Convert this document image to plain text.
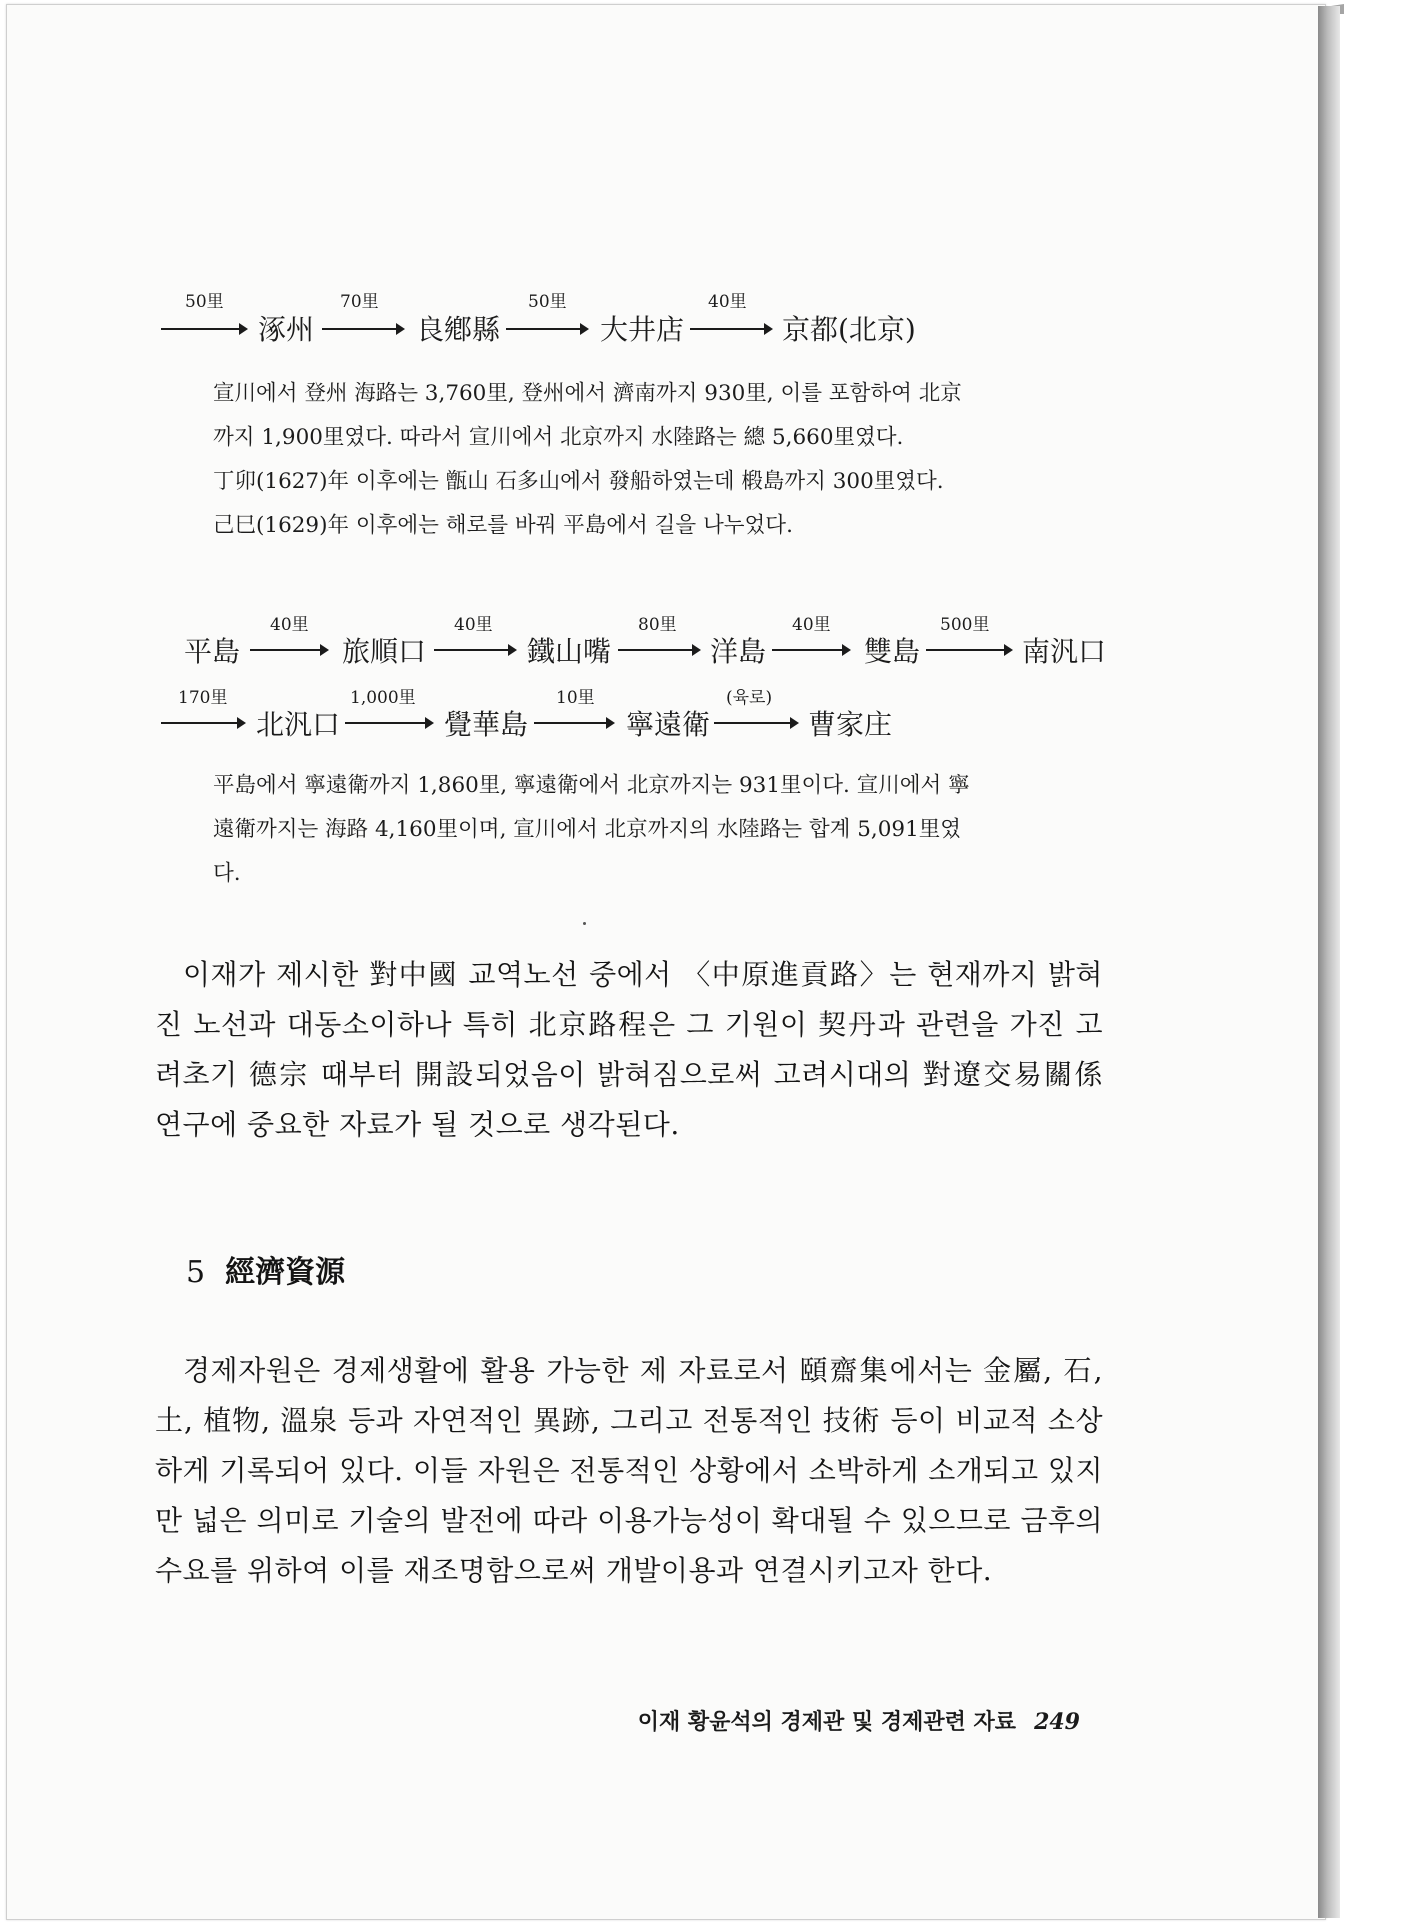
50里
涿州
70里
良鄕縣
50里
大井店
40里
京都(北京)

宣川에서 登州 海路는 3,760里, 登州에서 濟南까지 930里, 이를 포함하여 北京

까지 1,900里였다. 따라서 宣川에서 北京까지 水陸路는 總 5,660里였다.

丁卯(1627)年 이후에는 甑山 石多山에서 發船하였는데 椴島까지 300里였다.

己巳(1629)年 이후에는 해로를 바꿔 平島에서 길을 나누었다.

平島
40里
旅順口
40里
鐵山嘴
80里
洋島
40里
雙島
500里
南汎口
170里
北汎口
1,000里
覺華島
10里
寧遠衛
(육로)
曹家庄

平島에서 寧遠衛까지 1,860里, 寧遠衛에서 北京까지는 931里이다. 宣川에서 寧

遠衛까지는 海路 4,160里이며, 宣川에서 北京까지의 水陸路는 합계 5,091里였

다.

이재가 제시한 對中國 교역노선 중에서 〈中原進貢路〉는 현재까지 밝혀진 노선과 대동소이하나 특히 北京路程은 그 기원이 契丹과 관련을 가진 고려초기 德宗 때부터 開設되었음이 밝혀짐으로써 고려시대의 對遼交易關係 연구에 중요한 자료가 될 것으로 생각된다.
5 經濟資源
경제자원은 경제생활에 활용 가능한 제 자료로서 頤齋集에서는 金屬, 石, 土, 植物, 溫泉 등과 자연적인 異跡, 그리고 전통적인 技術 등이 비교적 소상하게 기록되어 있다. 이들 자원은 전통적인 상황에서 소박하게 소개되고 있지만 넓은 의미로 기술의 발전에 따라 이용가능성이 확대될 수 있으므로 금후의 수요를 위하여 이를 재조명함으로써 개발이용과 연결시키고자 한다.
이재 황윤석의 경제관 및 경제관련 자료 249
